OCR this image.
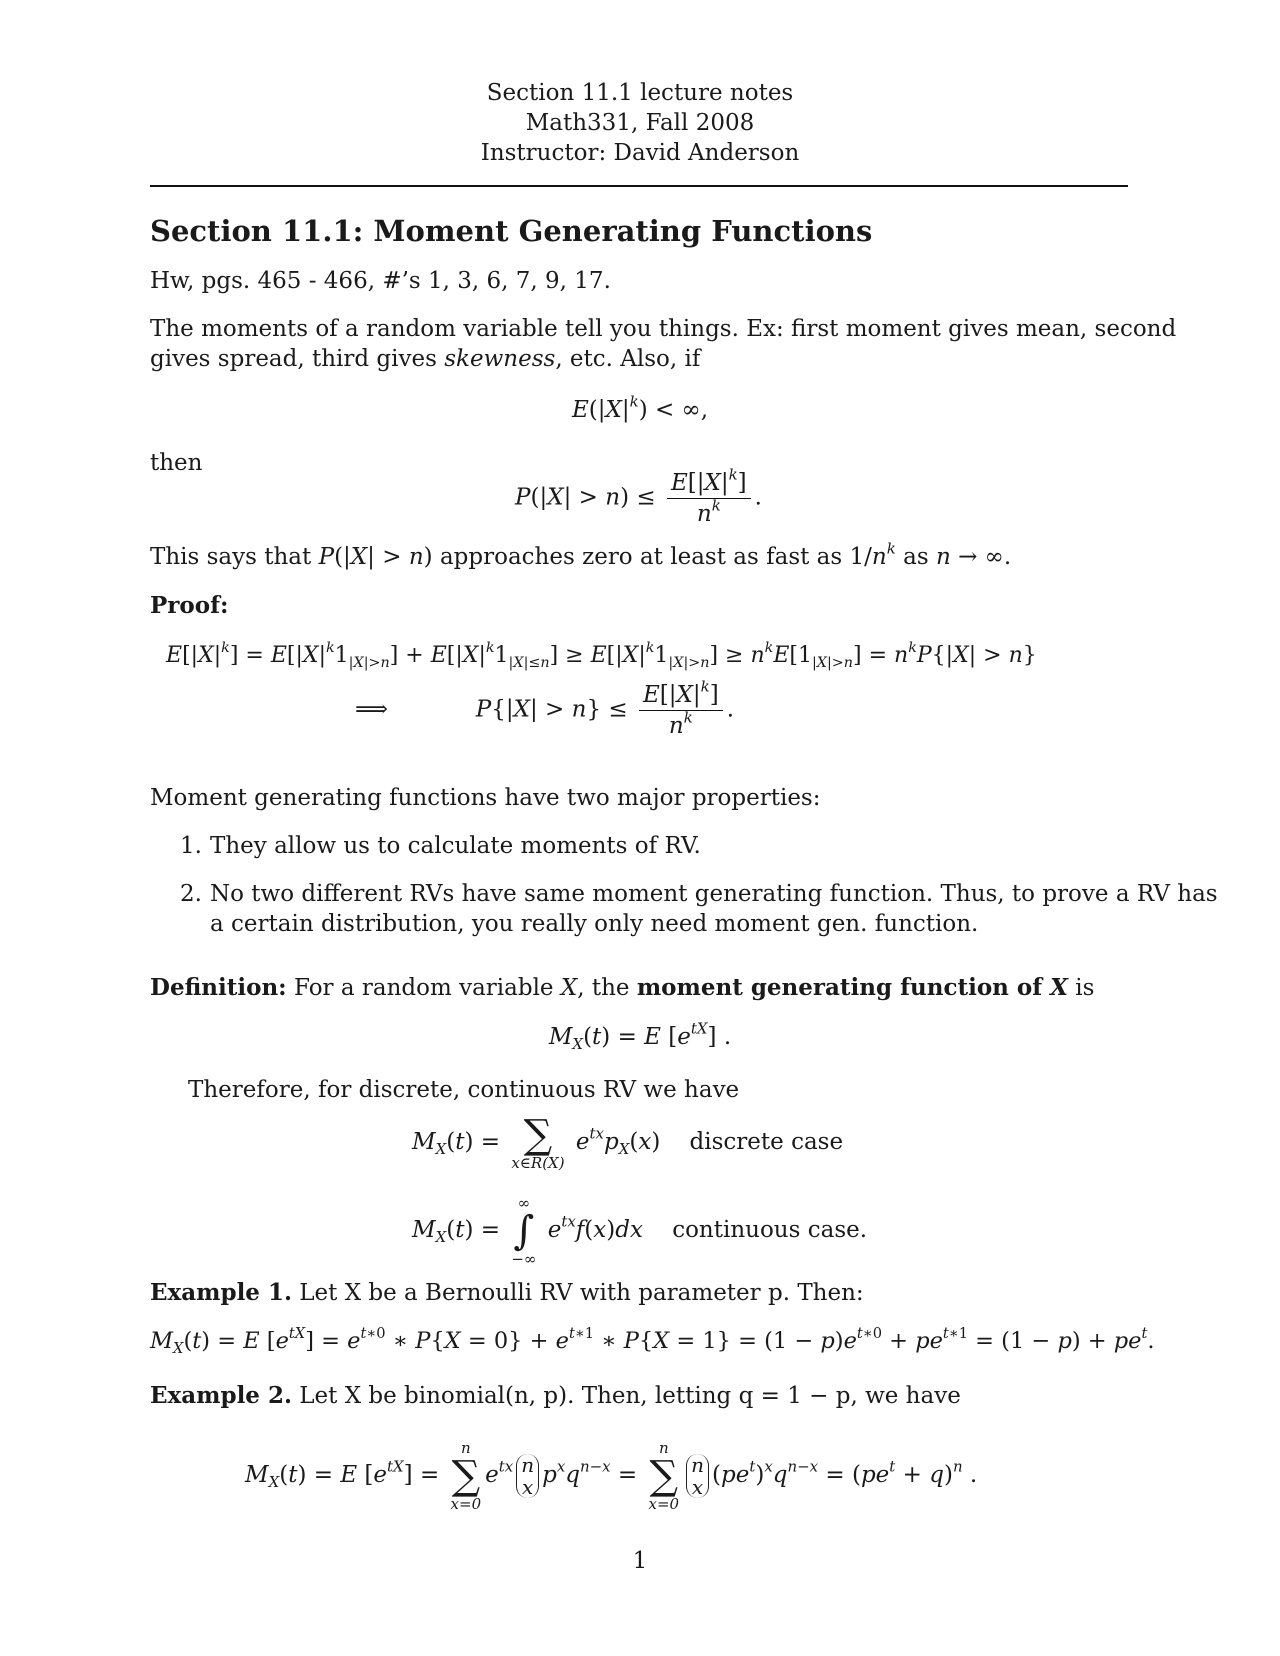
Section 11.1 lecture notes
Math331, Fall 2008
Instructor: David Anderson
Section 11.1: Moment Generating Functions
Hw, pgs. 465 - 466, #’s 1, 3, 6, 7, 9, 17.
The moments of a random variable tell you things. Ex: first moment gives mean, second
gives spread, third gives skewness, etc. Also, if
$E(|X|^k)$ < ∞,
then
$P(|X| > n) \le \frac{E[|X|^k]}{n^k}$ .
This says that P(|X| > n) approaches zero at least as fast as $1/n^k$ as n → ∞.
Proof:
$E[|X|^k] = E[|X|^k1_{|X|>n}] + E[|X|^k1_{|X|\le n}] \ge E[|X|^k1_{|X|>n}] \ge n^kE[1_{|X|>n}] = n^kP\{|X| > n\}$
⟹            $P\{|X| > n\} \le \frac{E[|X|^k]}{n^k}$ .
Moment generating functions have two major properties:
1. They allow us to calculate moments of RV.
2. No two different RVs have same moment generating function. Thus, to prove a RV has
a certain distribution, you really only need moment gen. function.
Definition: For a random variable X, the moment generating function of X is
$M_X(t) = E$ $[e^{tX}]$ .
Therefore, for discrete, continuous RV we have
$M_X(t)$ = ∑
x∈R(X)
$e^{tx}p_X(x)$    discrete case
$M_X(t)$ =
∞
∫
−∞
$e^{tx}f(x)dx$ continuous case.
Example 1. Let X be a Bernoulli RV with parameter p. Then:
$M_X(t) = E$ $[e^{tX}] = e^{t∗0}$ ∗ $P\{X = 0\} + e^{t∗1}$ ∗ $P\{X = 1\} = (1 - p)e^{t∗0} + pe^{t∗1} = (1 - p) + pe^t$.
Example 2. Let X be binomial(n, p). Then, letting q = 1 − p, we have
$M_X(t) = E$ $[e^{tX}]$ =
n
∑
x=0
$e^{tx}$ n
x $p^xq^{n-x}$ =
n
∑
x=0
n
x $(pe^t)^xq^{n-x} = (pe^t + q)^n$ .
1
